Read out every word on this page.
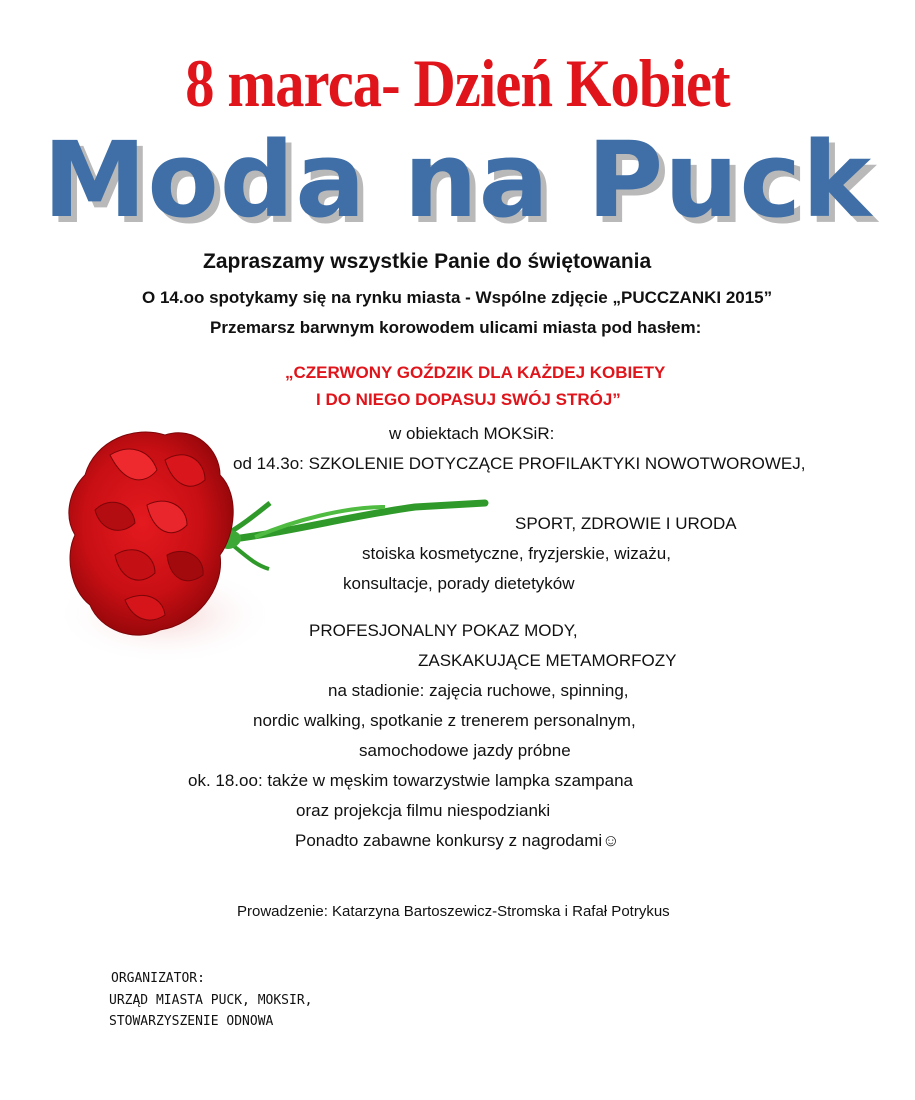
8 marca- Dzień Kobiet
Moda na Puck
Zapraszamy wszystkie Panie do świętowania
O 14.oo spotykamy się na rynku miasta - Wspólne zdjęcie „PUCCZANKI 2015”
Przemarsz barwnym korowodem ulicami miasta pod hasłem:
„CZERWONY GOŹDZIK DLA KAŻDEJ KOBIETY
I DO NIEGO DOPASUJ SWÓJ STRÓJ”
w obiektach MOKSiR:
od 14.3o: SZKOLENIE DOTYCZĄCE PROFILAKTYKI NOWOTWOROWEJ,
SPORT, ZDROWIE I URODA
stoiska kosmetyczne, fryzjerskie, wizażu,
konsultacje, porady dietetyków
PROFESJONALNY POKAZ MODY,
ZASKAKUJĄCE METAMORFOZY
na stadionie: zajęcia ruchowe, spinning,
nordic walking, spotkanie z trenerem personalnym,
samochodowe jazdy próbne
ok. 18.oo: także w męskim towarzystwie lampka szampana
oraz projekcja filmu niespodzianki
Ponadto zabawne konkursy z nagrodami☺
Prowadzenie: Katarzyna Bartoszewicz-Stromska i Rafał Potrykus
ORGANIZATOR:
URZĄD MIASTA PUCK, MOKSIR,
STOWARZYSZENIE ODNOWA
